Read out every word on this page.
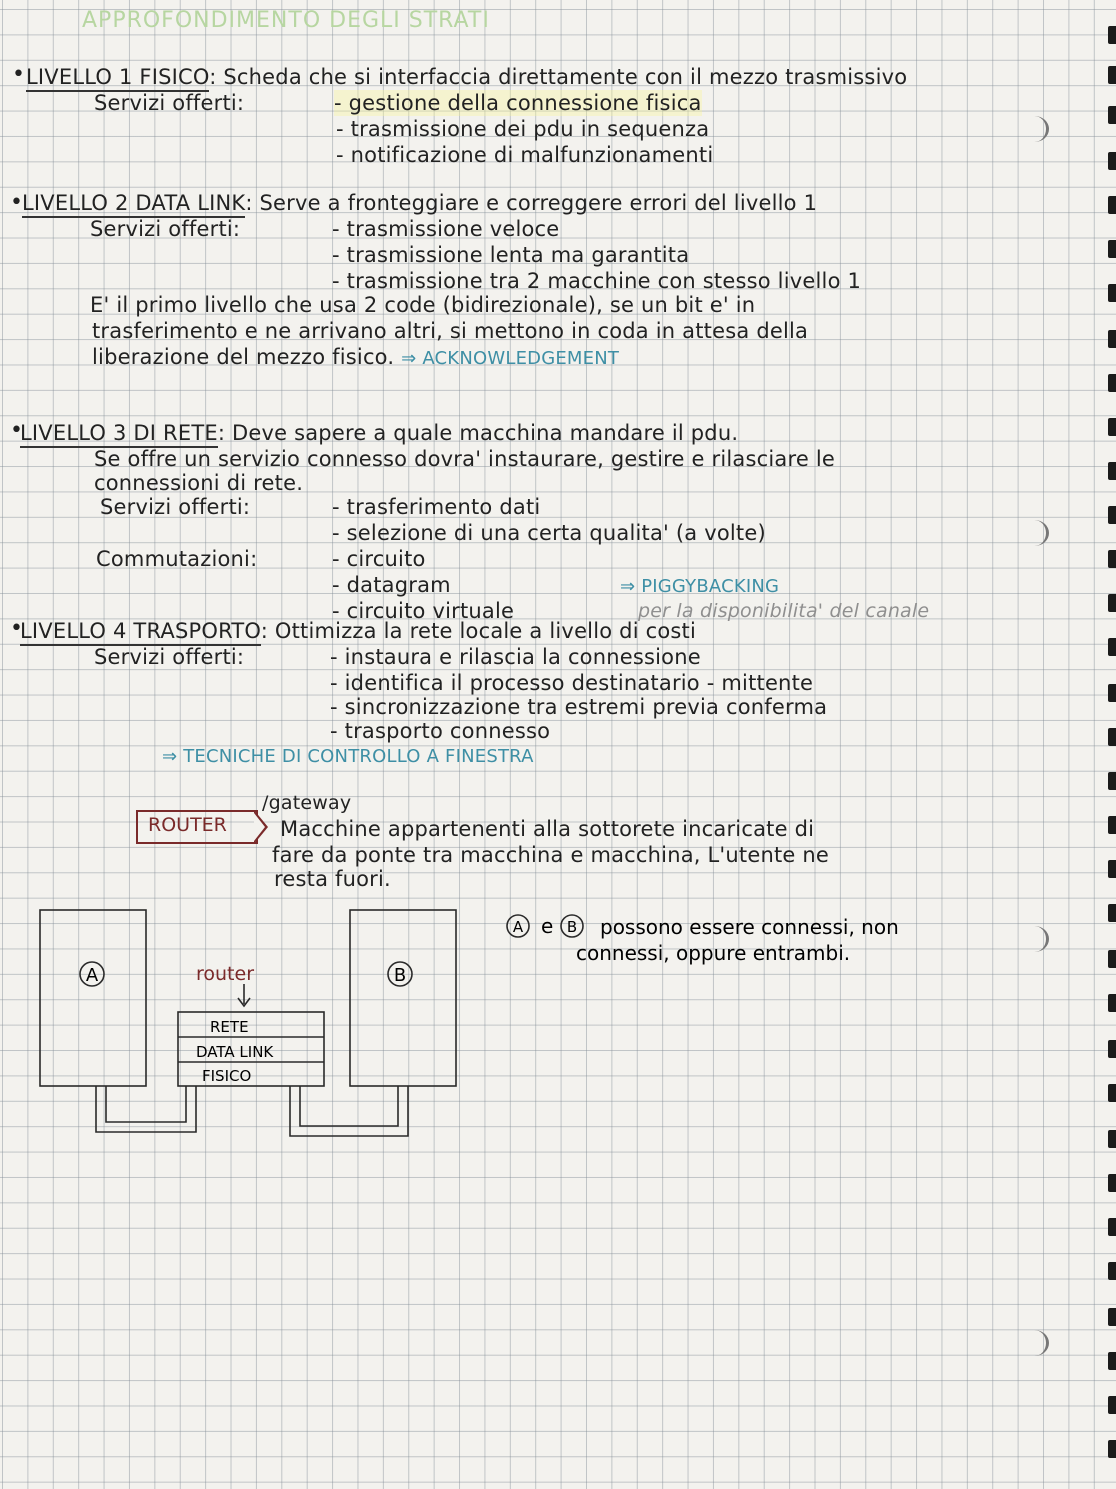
APPROFONDIMENTO DEGLI STRATI
• LIVELLO 1 FISICO: Scheda che si interfaccia direttamente con il mezzo trasmissivo
Servizi offerti:	- gestione della connessione fisica
- trasmissione dei pdu in sequenza
- notificazione di malfunzionamenti
• LIVELLO 2 DATA LINK: Serve a fronteggiare e correggere errori del livello 1
Servizi offerti:	- trasmissione veloce
- trasmissione lenta ma garantita
- trasmissione tra 2 macchine con stesso livello 1
E' il primo livello che usa 2 code (bidirezionale), se un bit e' in
trasferimento e ne arrivano altri, si mettono in coda in attesa della
liberazione del mezzo fisico. ⇒ ACKNOWLEDGEMENT
•
LIVELLO 3 DI RETE: Deve sapere a quale macchina mandare il pdu.
Se offre un servizio connesso dovra' instaurare, gestire e rilasciare le
connessioni di rete.
Servizi offerti:	- trasferimento dati
- selezione di una certa qualita' (a volte)
Commutazioni:	- circuito
- datagram
- circuito virtuale
⇒ PIGGYBACKING
per la disponibilita' del canale
•
LIVELLO 4 TRASPORTO: Ottimizza la rete locale a livello di costi
Servizi offerti:	- instaura e rilascia la connessione
- identifica il processo destinatario - mittente
- sincronizzazione tra estremi previa conferma
- trasporto connesso
⇒ TECNICHE DI CONTROLLO A FINESTRA
/gateway
ROUTER	Macchine appartenenti alla sottorete incaricate di
fare da ponte tra macchina e macchina, L'utente ne
resta fuori.
A	B
router
RETE
DATA LINK
FISICO
A e B possono essere connessi, non
connessi, oppure entrambi.
